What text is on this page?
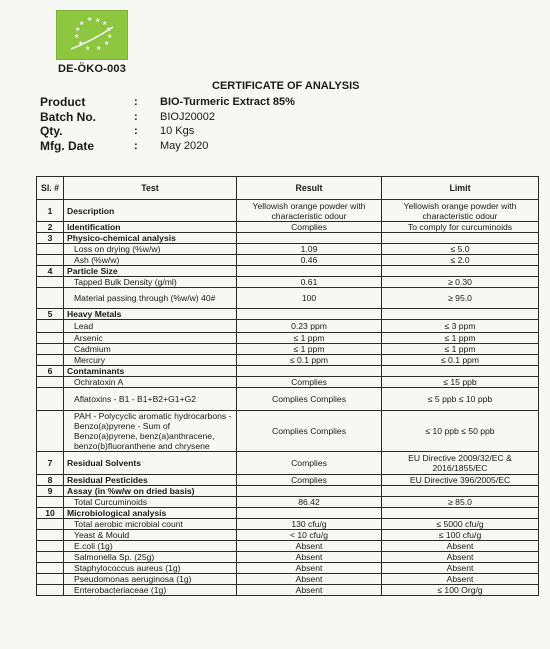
★ ★ ★
★
★
★
★
★
★
★
★
★
DE-ÖKO-003
CERTIFICATE OF ANALYSIS
Product	: BIO-Turmeric Extract 85%
Batch No.	: BIOJ20002
Qty.	: 10 Kgs
Mfg. Date	: May 2020
Sl. #	Test	Result	Limit
1	Description	Yellowish orange powder with characteristic odour	Yellowish orange powder with characteristic odour
2	Identification	Complies	To comply for curcuminoids
3	Physico-chemical analysis		
	Loss on drying (%w/w)	1.09	≤ 5.0
	Ash (%w/w)	0.46	≤ 2.0
4	Particle Size		
	Tapped Bulk Density (g/ml)	0.61	≥ 0.30
	Material passing through (%w/w) 40#	100	≥ 95.0
5	Heavy Metals		
	Lead	0.23 ppm	≤ 3 ppm
	Arsenic	≤ 1 ppm	≤ 1 ppm
	Cadmium	≤ 1 ppm	≤ 1 ppm
	Mercury	≤ 0.1 ppm	≤ 0.1 ppm
6	Contaminants		
	Ochratoxin A	Complies	≤ 15 ppb
	Aflatoxins - B1 - B1+B2+G1+G2	Complies Complies	≤ 5 ppb ≤ 10 ppb
	PAH - Polycyclic aromatic hydrocarbons - Benzo(a)pyrene - Sum of Benzo(a)pyrene, benz(a)anthracene, benzo(b)fluoranthene and chrysene	Complies Complies	≤ 10 ppb ≤ 50 ppb
7	Residual Solvents	Complies	EU Directive 2009/32/EC & 2016/1855/EC
8	Residual Pesticides	Complies	EU Directive 396/2005/EC
9	Assay (in %w/w on dried basis)		
	Total Curcuminoids	86.42	≥ 85.0
10	Microbiological analysis		
	Total aerobic microbial count	130 cfu/g	≤ 5000 cfu/g
	Yeast & Mould	< 10 cfu/g	≤ 100 cfu/g
	E.coli (1g)	Absent	Absent
	Salmonella Sp. (25g)	Absent	Absent
	Staphylococcus aureus (1g)	Absent	Absent
	Pseudomonas aeruginosa (1g)	Absent	Absent
	Enterobacteriaceae (1g)	Absent	≤ 100 Org/g
